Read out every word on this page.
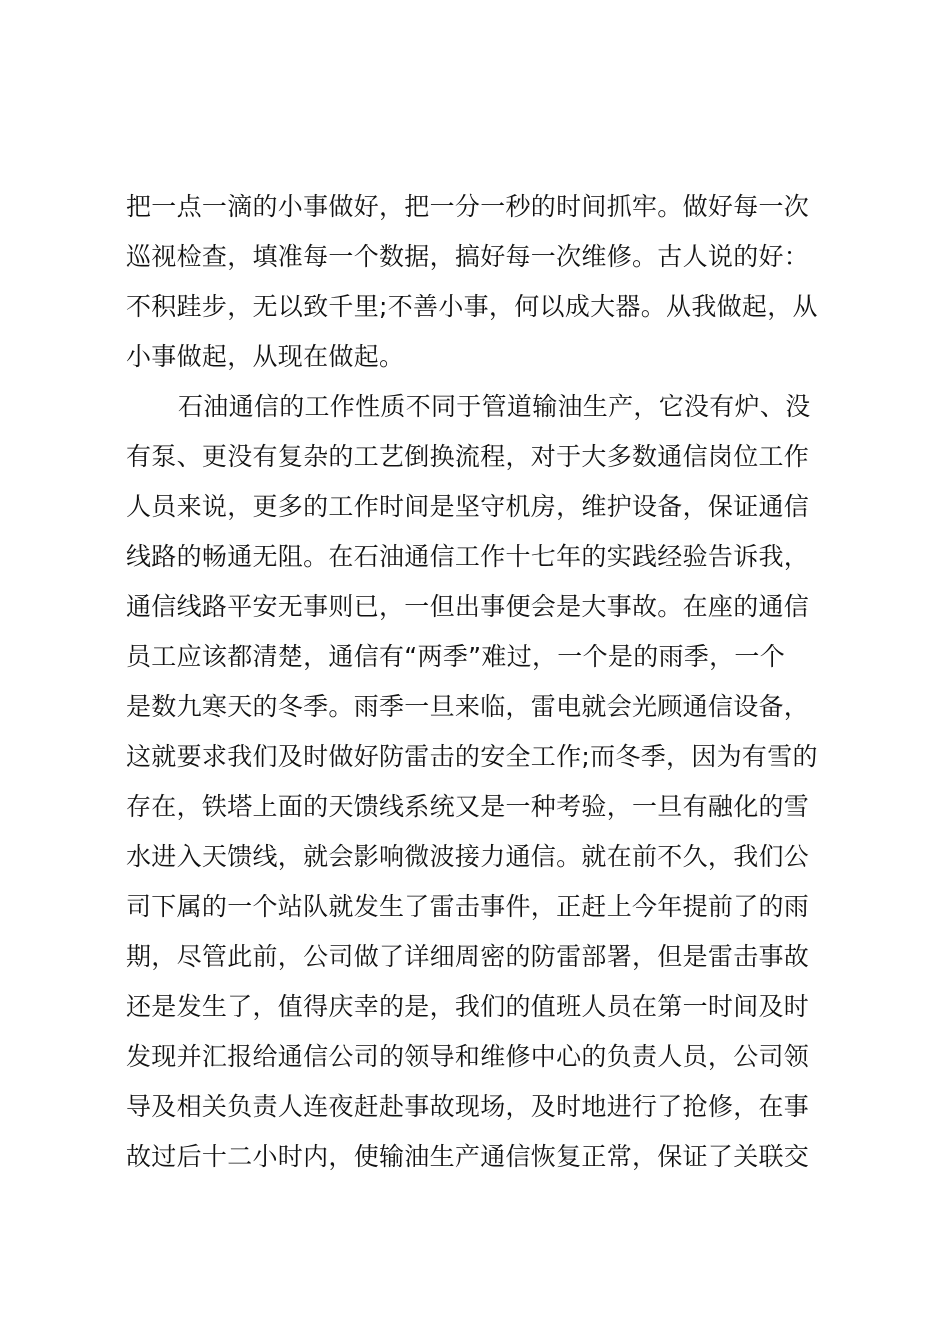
把一点一滴的小事做好，把一分一秒的时间抓牢。做好每一次
巡视检查，填准每一个数据，搞好每一次维修。古人说的好：
不积跬步，无以致千里;不善小事，何以成大器。从我做起，从
小事做起，从现在做起。
石油通信的工作性质不同于管道输油生产，它没有炉、没
有泵、更没有复杂的工艺倒换流程，对于大多数通信岗位工作
人员来说，更多的工作时间是坚守机房，维护设备，保证通信
线路的畅通无阻。在石油通信工作十七年的实践经验告诉我，
通信线路平安无事则已，一但出事便会是大事故。在座的通信
员工应该都清楚，通信有“两季”难过，一个是的雨季，一个
是数九寒天的冬季。雨季一旦来临，雷电就会光顾通信设备，
这就要求我们及时做好防雷击的安全工作;而冬季，因为有雪的
存在，铁塔上面的天馈线系统又是一种考验，一旦有融化的雪
水进入天馈线，就会影响微波接力通信。就在前不久，我们公
司下属的一个站队就发生了雷击事件，正赶上今年提前了的雨
期，尽管此前，公司做了详细周密的防雷部署，但是雷击事故
还是发生了，值得庆幸的是，我们的值班人员在第一时间及时
发现并汇报给通信公司的领导和维修中心的负责人员，公司领
导及相关负责人连夜赶赴事故现场，及时地进行了抢修，在事
故过后十二小时内，使输油生产通信恢复正常，保证了关联交
